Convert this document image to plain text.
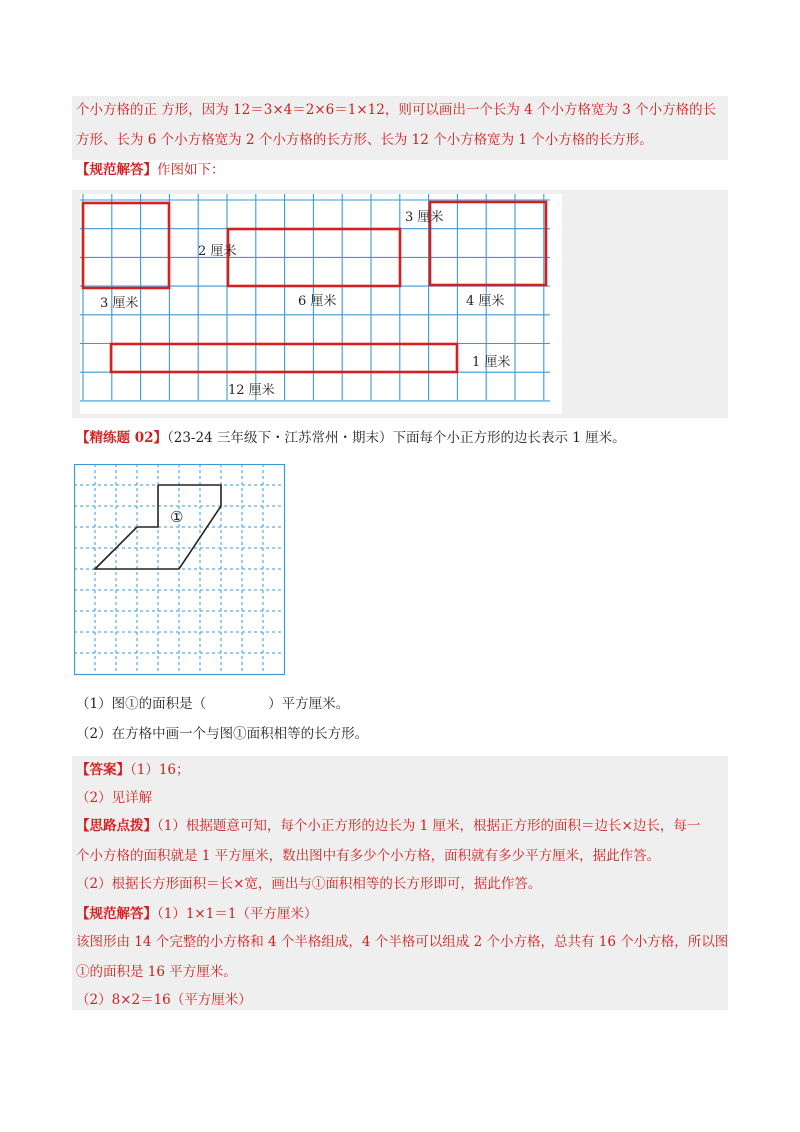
个小方格的正 方形，因为 12＝3×4＝2×6＝1×12，则可以画出一个长为 4 个小方格宽为 3 个小方格的长
方形、长为 6 个小方格宽为 2 个小方格的长方形、长为 12 个小方格宽为 1 个小方格的长方形。
【规范解答】作图如下：
3 厘米
2 厘米
6 厘米
3 厘米
4 厘米
1 厘米
12 厘米
【精练题 02】（23-24 三年级下・江苏常州・期末）下面每个小正方形的边长表示 1 厘米。
①
（1）图①的面积是（	）平方厘米。
（2）在方格中画一个与图①面积相等的长方形。
【答案】（1）16；
（2）见详解
【思路点拨】（1）根据题意可知，每个小正方形的边长为 1 厘米，根据正方形的面积＝边长×边长，每一
个小方格的面积就是 1 平方厘米，数出图中有多少个小方格，面积就有多少平方厘米，据此作答。
（2）根据长方形面积＝长×宽，画出与①面积相等的长方形即可，据此作答。
【规范解答】（1）1×1＝1（平方厘米）
该图形由 14 个完整的小方格和 4 个半格组成，4 个半格可以组成 2 个小方格，总共有 16 个小方格，所以图
①的面积是 16 平方厘米。
（2）8×2＝16（平方厘米）
